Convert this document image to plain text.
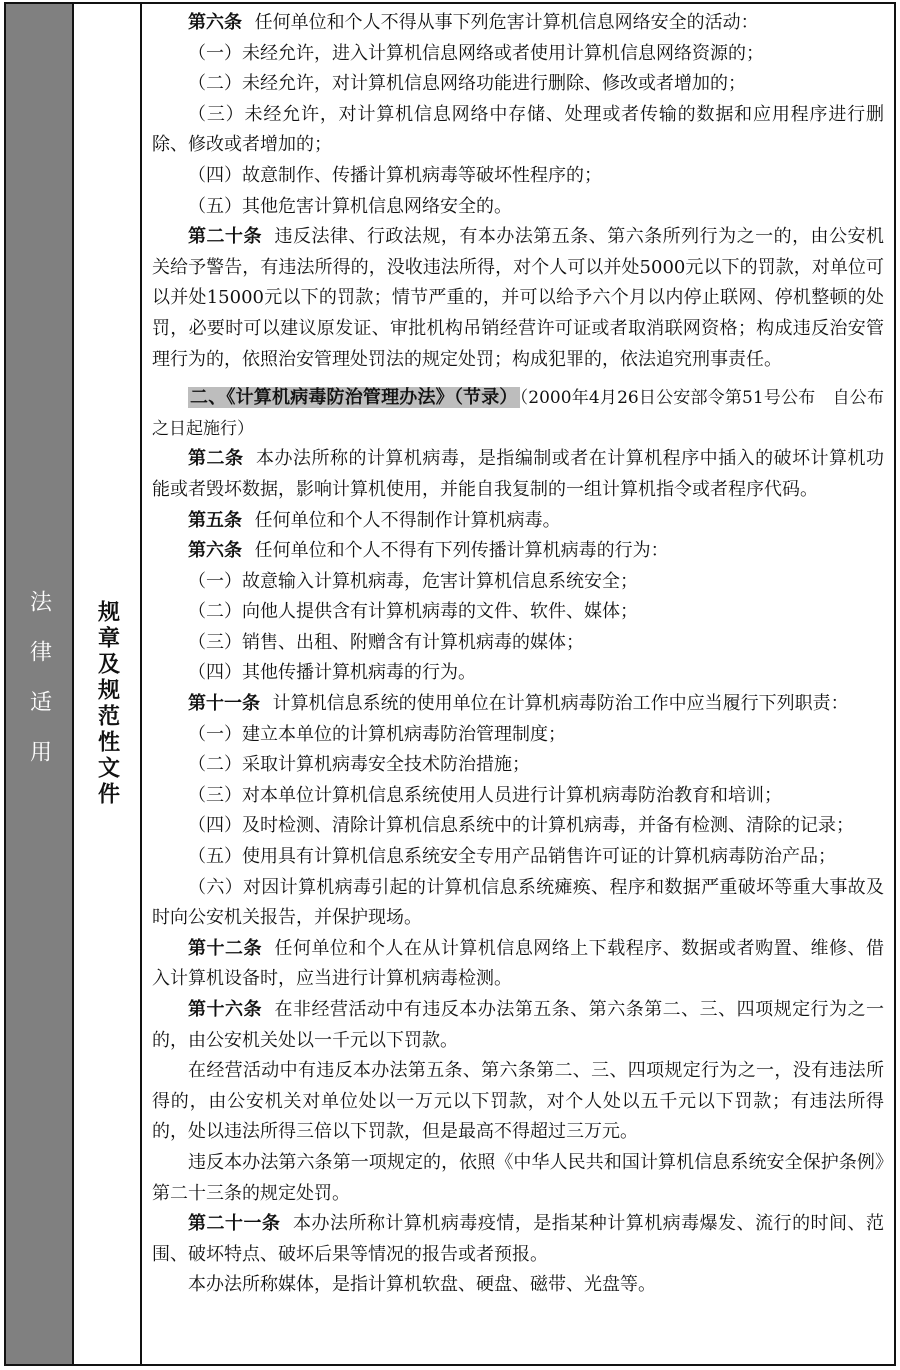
法律适用 规章及规范性文件

第六条 任何单位和个人不得从事下列危害计算机信息网络安全的活动：

（一）未经允许，进入计算机信息网络或者使用计算机信息网络资源的；

（二）未经允许，对计算机信息网络功能进行删除、修改或者增加的；

（三）未经允许，对计算机信息网络中存储、处理或者传输的数据和应用程序进行删除、修改或者增加的；

（四）故意制作、传播计算机病毒等破坏性程序的；

（五）其他危害计算机信息网络安全的。

第二十条 违反法律、行政法规，有本办法第五条、第六条所列行为之一的，由公安机关给予警告，有违法所得的，没收违法所得，对个人可以并处5000元以下的罚款，对单位可以并处15000元以下的罚款；情节严重的，并可以给予六个月以内停止联网、停机整顿的处罚，必要时可以建议原发证、审批机构吊销经营许可证或者取消联网资格；构成违反治安管理行为的，依照治安管理处罚法的规定处罚；构成犯罪的，依法追究刑事责任。

二、《计算机病毒防治管理办法》（节录） （2000年4月26日公安部令第51号公布　自公布之日起施行）

第二条 本办法所称的计算机病毒，是指编制或者在计算机程序中插入的破坏计算机功能或者毁坏数据，影响计算机使用，并能自我复制的一组计算机指令或者程序代码。

第五条 任何单位和个人不得制作计算机病毒。

第六条 任何单位和个人不得有下列传播计算机病毒的行为：

（一）故意输入计算机病毒，危害计算机信息系统安全；

（二）向他人提供含有计算机病毒的文件、软件、媒体；

（三）销售、出租、附赠含有计算机病毒的媒体；

（四）其他传播计算机病毒的行为。

第十一条 计算机信息系统的使用单位在计算机病毒防治工作中应当履行下列职责：

（一）建立本单位的计算机病毒防治管理制度；

（二）采取计算机病毒安全技术防治措施；

（三）对本单位计算机信息系统使用人员进行计算机病毒防治教育和培训；

（四）及时检测、清除计算机信息系统中的计算机病毒，并备有检测、清除的记录；

（五）使用具有计算机信息系统安全专用产品销售许可证的计算机病毒防治产品；

（六）对因计算机病毒引起的计算机信息系统瘫痪、程序和数据严重破坏等重大事故及时向公安机关报告，并保护现场。

第十二条 任何单位和个人在从计算机信息网络上下载程序、数据或者购置、维修、借入计算机设备时，应当进行计算机病毒检测。

第十六条 在非经营活动中有违反本办法第五条、第六条第二、三、四项规定行为之一的，由公安机关处以一千元以下罚款。

在经营活动中有违反本办法第五条、第六条第二、三、四项规定行为之一，没有违法所得的，由公安机关对单位处以一万元以下罚款，对个人处以五千元以下罚款；有违法所得的，处以违法所得三倍以下罚款，但是最高不得超过三万元。

违反本办法第六条第一项规定的，依照《中华人民共和国计算机信息系统安全保护条例》第二十三条的规定处罚。

第二十一条 本办法所称计算机病毒疫情，是指某种计算机病毒爆发、流行的时间、范围、破坏特点、破坏后果等情况的报告或者预报。

本办法所称媒体，是指计算机软盘、硬盘、磁带、光盘等。
